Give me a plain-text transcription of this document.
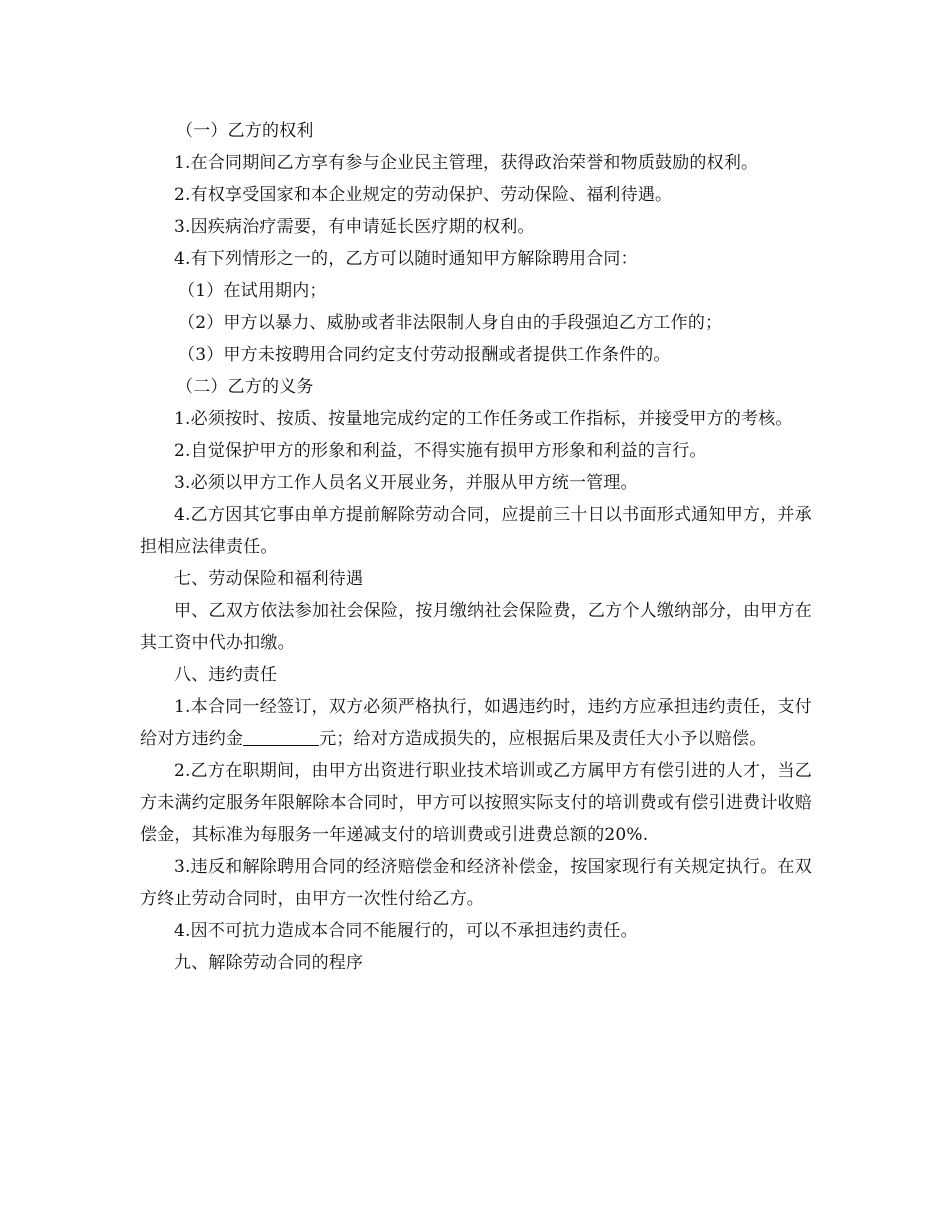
（一）乙方的权利

1.在合同期间乙方享有参与企业民主管理，获得政治荣誉和物质鼓励的权利。

2.有权享受国家和本企业规定的劳动保护、劳动保险、福利待遇。

3.因疾病治疗需要，有申请延长医疗期的权利。

4.有下列情形之一的，乙方可以随时通知甲方解除聘用合同：

（1）在试用期内；

（2）甲方以暴力、威胁或者非法限制人身自由的手段强迫乙方工作的；

（3）甲方未按聘用合同约定支付劳动报酬或者提供工作条件的。

（二）乙方的义务

1.必须按时、按质、按量地完成约定的工作任务或工作指标，并接受甲方的考核。

2.自觉保护甲方的形象和利益，不得实施有损甲方形象和利益的言行。

3.必须以甲方工作人员名义开展业务，并服从甲方统一管理。

4.乙方因其它事由单方提前解除劳动合同，应提前三十日以书面形式通知甲方，并承担相应法律责任。

七、劳动保险和福利待遇

甲、乙双方依法参加社会保险，按月缴纳社会保险费，乙方个人缴纳部分，由甲方在其工资中代办扣缴。

八、违约责任

1.本合同一经签订，双方必须严格执行，如遇违约时，违约方应承担违约责任，支付给对方违约金	元；给对方造成损失的，应根据后果及责任大小予以赔偿。

2.乙方在职期间，由甲方出资进行职业技术培训或乙方属甲方有偿引进的人才，当乙方未满约定服务年限解除本合同时，甲方可以按照实际支付的培训费或有偿引进费计收赔偿金，其标准为每服务一年递减支付的培训费或引进费总额的20%.

3.违反和解除聘用合同的经济赔偿金和经济补偿金，按国家现行有关规定执行。在双方终止劳动合同时，由甲方一次性付给乙方。

4.因不可抗力造成本合同不能履行的，可以不承担违约责任。

九、解除劳动合同的程序
